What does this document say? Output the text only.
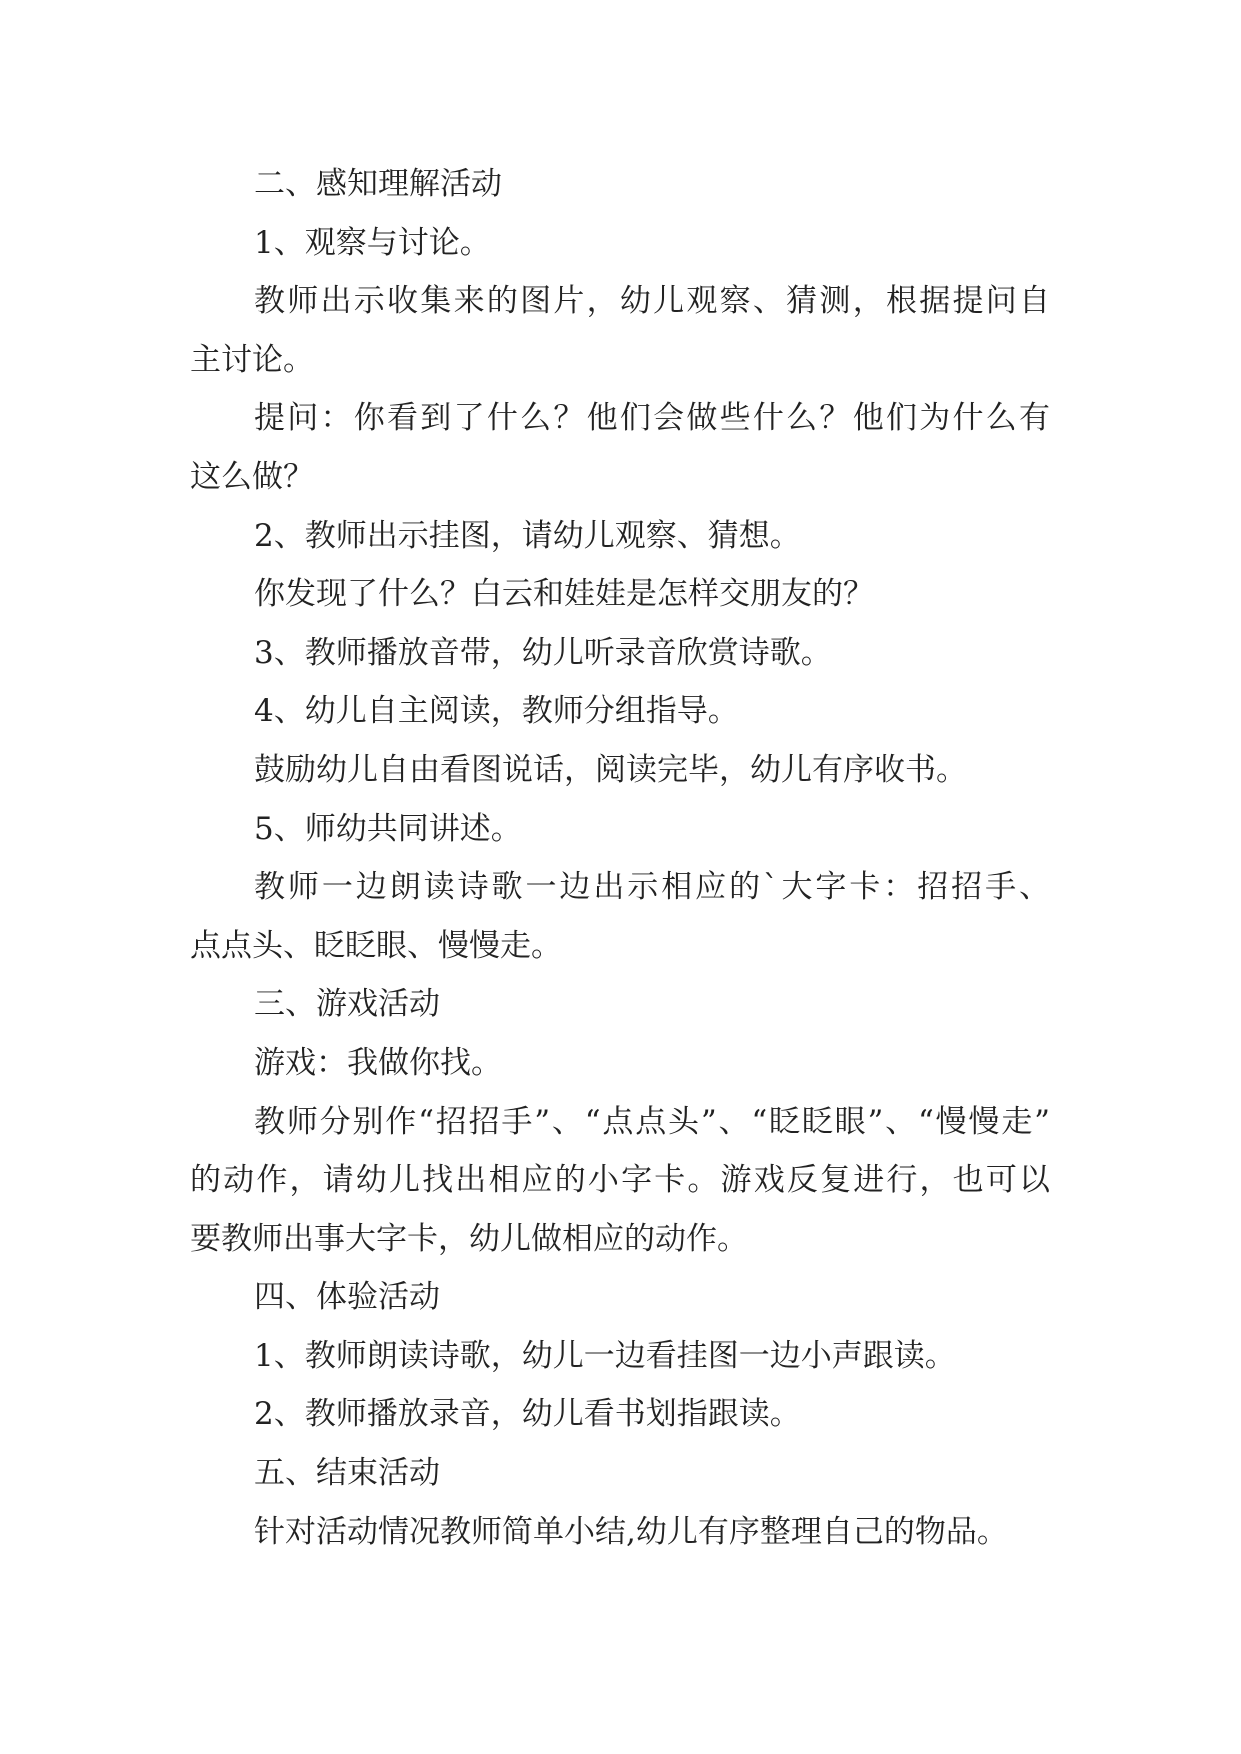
二、感知理解活动

1、观察与讨论。

教师出示收集来的图片，幼儿观察、猜测，根据提问自

主讨论。

提问：你看到了什么？他们会做些什么？他们为什么有

这么做？

2、教师出示挂图，请幼儿观察、猜想。

你发现了什么？白云和娃娃是怎样交朋友的？

3、教师播放音带，幼儿听录音欣赏诗歌。

4、幼儿自主阅读，教师分组指导。

鼓励幼儿自由看图说话，阅读完毕，幼儿有序收书。

5、师幼共同讲述。

教师一边朗读诗歌一边出示相应的`大字卡：招招手、

点点头、眨眨眼、慢慢走。

三、游戏活动

游戏：我做你找。

教师分别作“招招手”、“点点头”、“眨眨眼”、“慢慢走”

的动作，请幼儿找出相应的小字卡。游戏反复进行，也可以

要教师出事大字卡，幼儿做相应的动作。

四、体验活动

1、教师朗读诗歌，幼儿一边看挂图一边小声跟读。

2、教师播放录音，幼儿看书划指跟读。

五、结束活动

针对活动情况教师简单小结,幼儿有序整理自己的物品。
